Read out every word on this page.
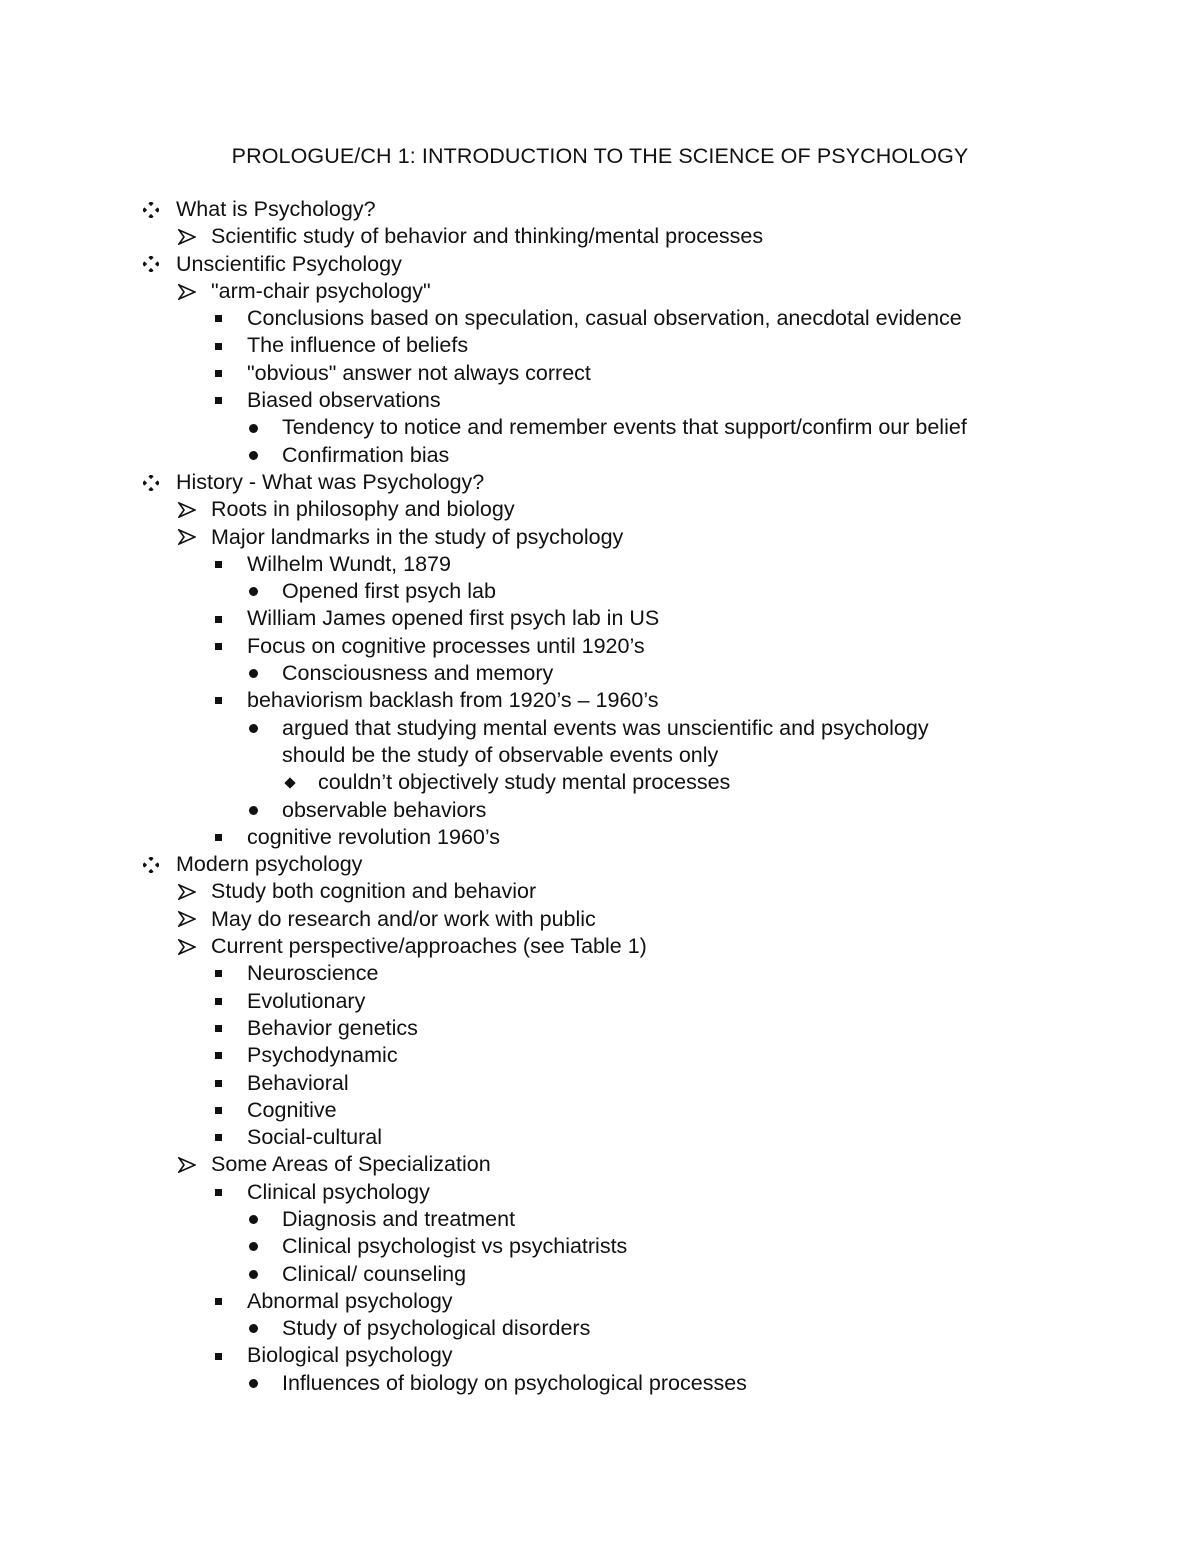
PROLOGUE/CH 1: INTRODUCTION TO THE SCIENCE OF PSYCHOLOGY
What is Psychology?
Scientific study of behavior and thinking/mental processes
Unscientific Psychology
"arm-chair psychology"
Conclusions based on speculation, casual observation, anecdotal evidence
The influence of beliefs
"obvious" answer not always correct
Biased observations
Tendency to notice and remember events that support/confirm our belief
Confirmation bias
History - What was Psychology?
Roots in philosophy and biology
Major landmarks in the study of psychology
Wilhelm Wundt, 1879
Opened first psych lab
William James opened first psych lab in US
Focus on cognitive processes until 1920’s
Consciousness and memory
behaviorism backlash from 1920’s – 1960’s
argued that studying mental events was unscientific and psychology
should be the study of observable events only
couldn’t objectively study mental processes
observable behaviors
cognitive revolution 1960’s
Modern psychology
Study both cognition and behavior
May do research and/or work with public
Current perspective/approaches (see Table 1)
Neuroscience
Evolutionary
Behavior genetics
Psychodynamic
Behavioral
Cognitive
Social-cultural
Some Areas of Specialization
Clinical psychology
Diagnosis and treatment
Clinical psychologist vs psychiatrists
Clinical/ counseling
Abnormal psychology
Study of psychological disorders
Biological psychology
Influences of biology on psychological processes
